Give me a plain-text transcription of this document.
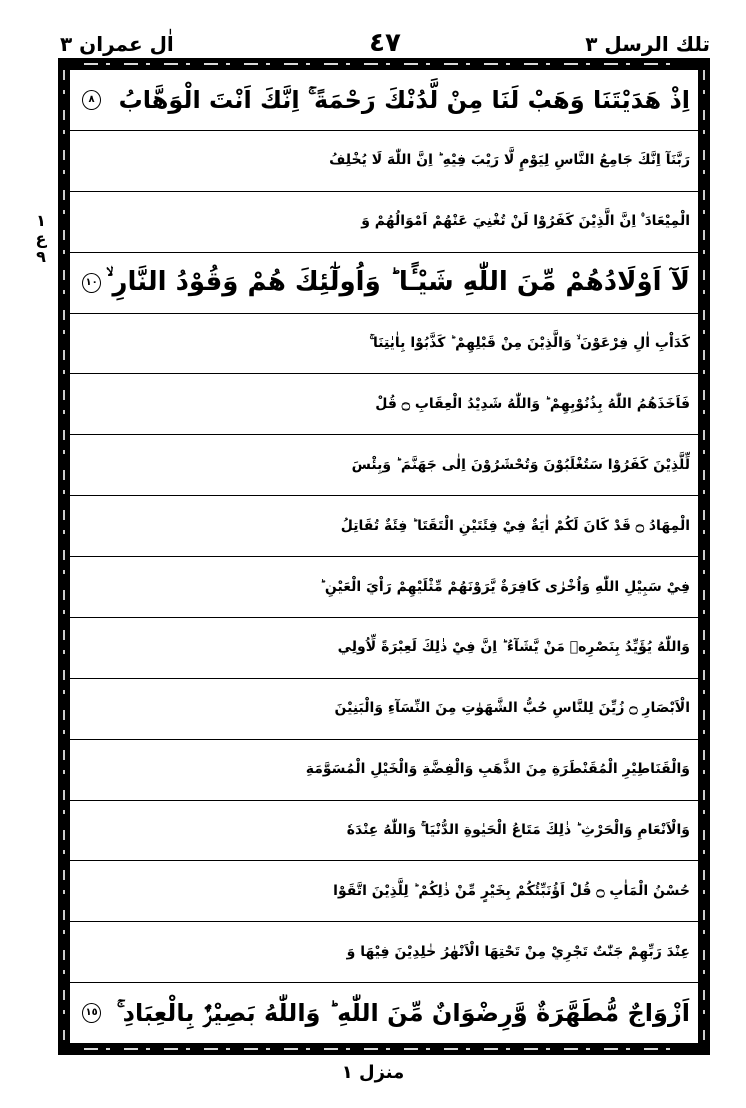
تلك الرسل ٣
٤٧
اٰل عمران ٣
١
ع
٩
اِذْ هَدَيْتَنَا وَهَبْ لَنَا مِنْ لَّدُنْكَ رَحْمَةً ۚ اِنَّكَ اَنْتَ الْوَهَّابُ
٨
رَبَّنَآ اِنَّكَ جَامِعُ النَّاسِ لِيَوْمٍ لَّا رَيْبَ فِيْهِ ؕ اِنَّ اللّٰهَ لَا يُخْلِفُ
الْمِيْعَادَ ۠ اِنَّ الَّذِيْنَ كَفَرُوْا لَنْ تُغْنِيَ عَنْهُمْ اَمْوَالُهُمْ وَ
لَآ اَوْلَادُهُمْ مِّنَ اللّٰهِ شَيْـًٔا ؕ وَاُولٰٓئِكَ هُمْ وَقُوْدُ النَّارِ ۙ
١٠
كَدَاْبِ اٰلِ فِرْعَوْنَ ۙ وَالَّذِيْنَ مِنْ قَبْلِهِمْ ؕ كَذَّبُوْا بِاٰيٰتِنَا ۚ
فَاَخَذَهُمُ اللّٰهُ بِذُنُوْبِهِمْ ؕ وَاللّٰهُ شَدِيْدُ الْعِقَابِ ۝ قُلْ
لِّلَّذِيْنَ كَفَرُوْا سَتُغْلَبُوْنَ وَتُحْشَرُوْنَ اِلٰى جَهَنَّمَ ؕ وَبِئْسَ
الْمِهَادُ ۝ قَدْ كَانَ لَكُمْ اٰيَةٌ فِيْ فِئَتَيْنِ الْتَقَتَا ؕ فِئَةٌ تُقَاتِلُ
فِيْ سَبِيْلِ اللّٰهِ وَاُخْرٰى كَافِرَةٌ يَّرَوْنَهُمْ مِّثْلَيْهِمْ رَاْيَ الْعَيْنِ ؕ
وَاللّٰهُ يُؤَيِّدُ بِنَصْرِهٖ مَنْ يَّشَآءُ ؕ اِنَّ فِيْ ذٰلِكَ لَعِبْرَةً لِّاُولِي
الْاَبْصَارِ ۝ زُيِّنَ لِلنَّاسِ حُبُّ الشَّهَوٰتِ مِنَ النِّسَآءِ وَالْبَنِيْنَ
وَالْقَنَاطِيْرِ الْمُقَنْطَرَةِ مِنَ الذَّهَبِ وَالْفِضَّةِ وَالْخَيْلِ الْمُسَوَّمَةِ
وَالْاَنْعَامِ وَالْحَرْثِ ؕ ذٰلِكَ مَتَاعُ الْحَيٰوةِ الدُّنْيَا ۚ وَاللّٰهُ عِنْدَهٗ
حُسْنُ الْمَاٰبِ ۝ قُلْ اَؤُنَبِّئُكُمْ بِخَيْرٍ مِّنْ ذٰلِكُمْ ؕ لِلَّذِيْنَ اتَّقَوْا
عِنْدَ رَبِّهِمْ جَنّٰتٌ تَجْرِيْ مِنْ تَحْتِهَا الْاَنْهٰرُ خٰلِدِيْنَ فِيْهَا وَ
اَزْوَاجٌ مُّطَهَّرَةٌ وَّرِضْوَانٌ مِّنَ اللّٰهِ ؕ وَاللّٰهُ بَصِيْرٌۢ بِالْعِبَادِ ۚ
١٥
منزل ١
